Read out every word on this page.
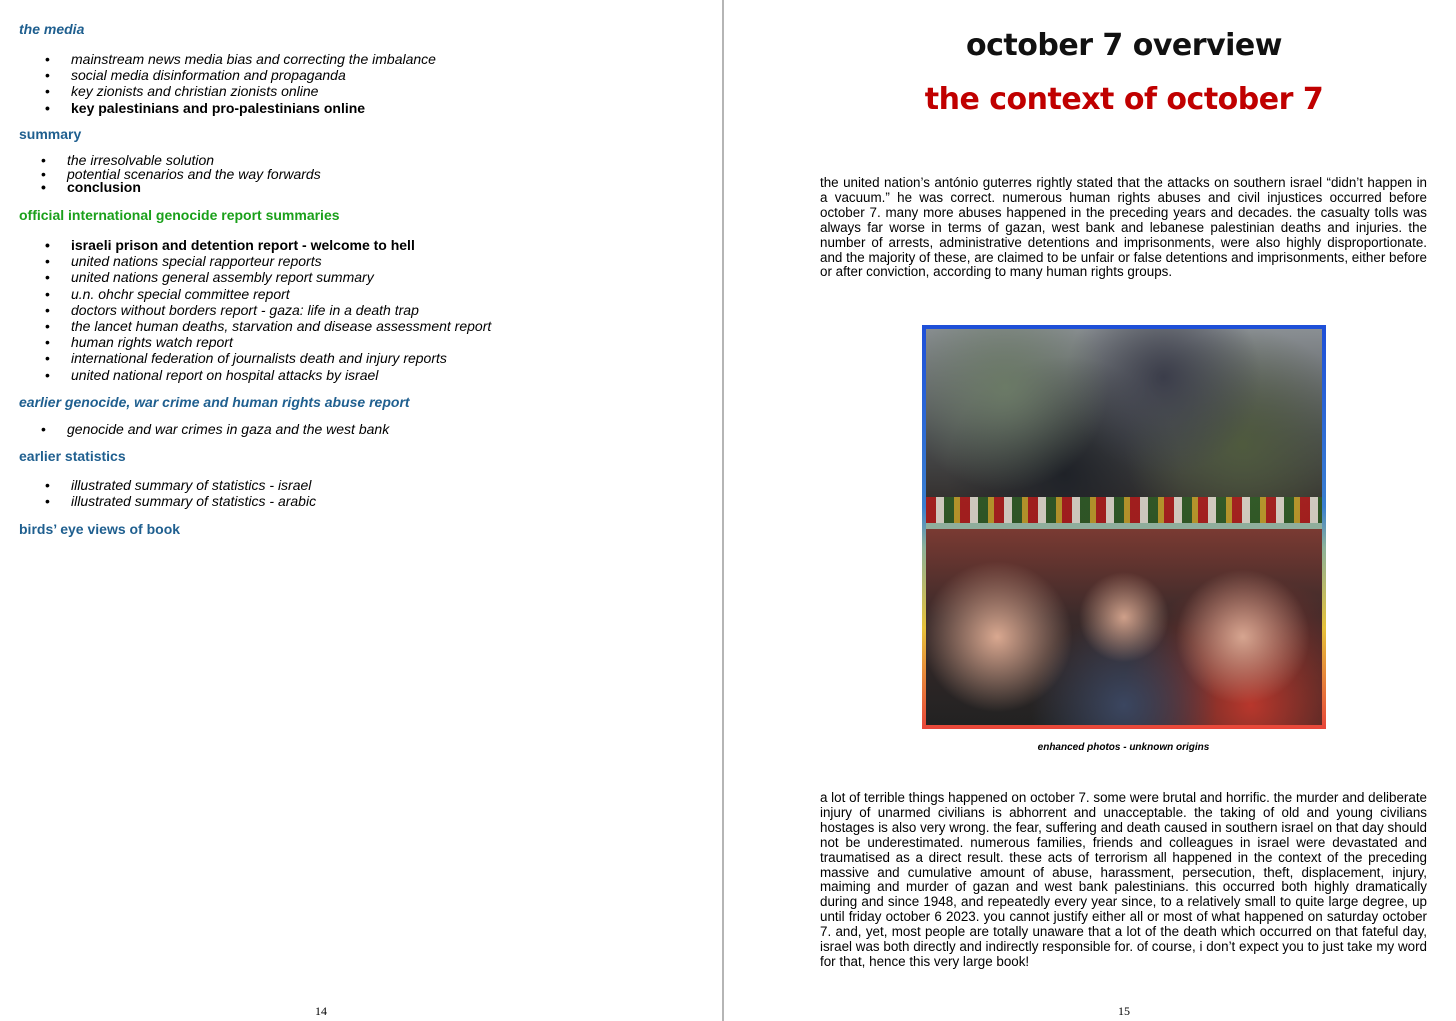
the media
• mainstream news media bias and correcting the imbalance
• social media disinformation and propaganda
• key zionists and christian zionists online
• key palestinians and pro-palestinians online
summary
• the irresolvable solution
• potential scenarios and the way forwards
• conclusion
official international genocide report summaries
• israeli prison and detention report - welcome to hell
• united nations special rapporteur reports
• united nations general assembly report summary
• u.n. ohchr special committee report
• doctors without borders report - gaza: life in a death trap
• the lancet human deaths, starvation and disease assessment report
• human rights watch report
• international federation of journalists death and injury reports
• united national report on hospital attacks by israel
earlier genocide, war crime and human rights abuse report
• genocide and war crimes in gaza and the west bank
earlier statistics
• illustrated summary of statistics - israel
• illustrated summary of statistics - arabic
birds’ eye views of book
14
october 7 overview
the context of october 7
the united nation’s antónio guterres rightly stated that the attacks on southern israel “didn’t happen in a vacuum.” he was correct. numerous human rights abuses and civil injustices occurred before october 7. many more abuses happened in the preceding years and decades. the casualty tolls was always far worse in terms of gazan, west bank and lebanese palestinian deaths and injuries. the number of arrests, administrative detentions and imprisonments, were also highly disproportionate. and the majority of these, are claimed to be unfair or false detentions and imprisonments, either before or after conviction, according to many human rights groups.
enhanced photos - unknown origins
a lot of terrible things happened on october 7. some were brutal and horrific. the murder and deliberate injury of unarmed civilians is abhorrent and unacceptable. the taking of old and young civilians hostages is also very wrong. the fear, suffering and death caused in southern israel on that day should not be underestimated. numerous families, friends and colleagues in israel were devastated and traumatised as a direct result. these acts of terrorism all happened in the context of the preceding massive and cumulative amount of abuse, harassment, persecution, theft, displacement, injury, maiming and murder of gazan and west bank palestinians. this occurred both highly dramatically during and since 1948, and repeatedly every year since, to a relatively small to quite large degree, up until friday october 6 2023. you cannot justify either all or most of what happened on saturday october 7. and, yet, most people are totally unaware that a lot of the death which occurred on that fateful day, israel was both directly and indirectly responsible for. of course, i don’t expect you to just take my word for that, hence this very large book!
15
